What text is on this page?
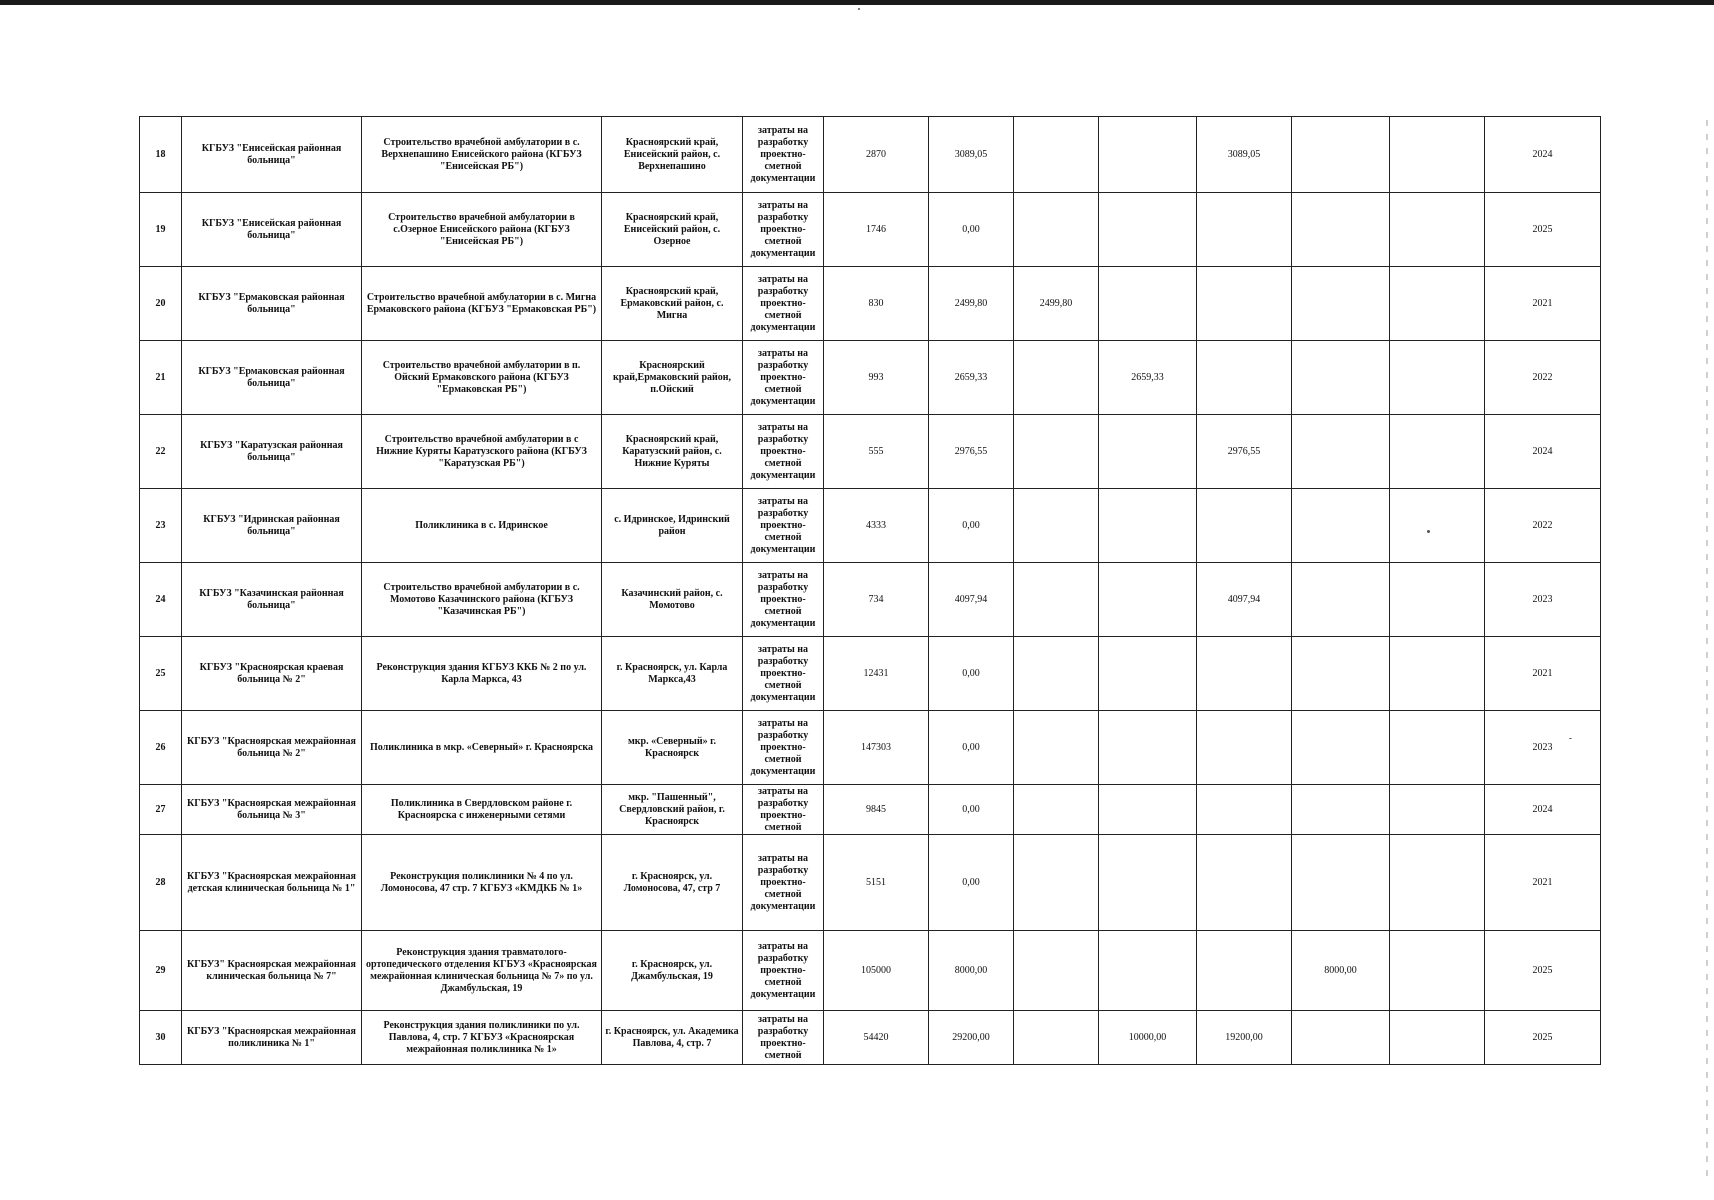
18	КГБУЗ "Енисейская районная больница"	Строительство врачебной амбулатории в с. Верхнепашино Енисейского района (КГБУЗ "Енисейская РБ")	Красноярский край, Енисейский район, с. Верхнепашино	затраты на разработку проектно-сметной документации	2870	3089,05			3089,05			2024
19	КГБУЗ "Енисейская районная больница"	Строительство врачебной амбулатории в с.Озерное Енисейского района (КГБУЗ "Енисейская РБ")	Красноярский край, Енисейский район, с. Озерное	затраты на разработку проектно-сметной документации	1746	0,00						2025
20	КГБУЗ "Ермаковская районная больница"	Строительство врачебной амбулатории в с. Мигна Ермаковского района (КГБУЗ "Ермаковская РБ")	Красноярский край, Ермаковский район, с. Мигна	затраты на разработку проектно-сметной документации	830	2499,80	2499,80					2021
21	КГБУЗ "Ермаковская районная больница"	Строительство врачебной амбулатории в п. Ойский Ермаковского района (КГБУЗ "Ермаковская РБ")	Красноярский край,Ермаковский район, п.Ойский	затраты на разработку проектно-сметной документации	993	2659,33		2659,33				2022
22	КГБУЗ "Каратузская районная больница"	Строительство врачебной амбулатории в с Нижние Куряты Каратузского района (КГБУЗ "Каратузская РБ")	Красноярский край, Каратузский район, с. Нижние Куряты	затраты на разработку проектно-сметной документации	555	2976,55			2976,55			2024
23	КГБУЗ "Идринская районная больница"	Поликлиника в с. Идринское	с. Идринское, Идринский район	затраты на разработку проектно-сметной документации	4333	0,00						2022
24	КГБУЗ "Казачинская районная больница"	Строительство врачебной амбулатории в с. Момотово Казачинского района (КГБУЗ "Казачинская РБ")	Казачинский район, с. Момотово	затраты на разработку проектно-сметной документации	734	4097,94			4097,94			2023
25	КГБУЗ "Красноярская краевая больница № 2"	Реконструкция здания КГБУЗ ККБ № 2 по ул. Карла Маркса, 43	г. Красноярск, ул. Карла Маркса,43	затраты на разработку проектно-сметной документации	12431	0,00						2021
26	КГБУЗ "Красноярская межрайонная больница № 2"	Поликлиника в мкр. «Северный» г. Красноярска	мкр. «Северный» г. Красноярск	затраты на разработку проектно-сметной документации	147303	0,00						2023
27	КГБУЗ "Красноярская межрайонная больница № 3"	Поликлиника в Свердловском районе г. Красноярска с инженерными сетями	мкр. "Пашенный", Свердловский район, г. Красноярск	затраты на разработку проектно-сметной	9845	0,00						2024
28	КГБУЗ "Красноярская межрайонная детская клиническая больница № 1"	Реконструкция поликлиники № 4 по ул. Ломоносова, 47 стр. 7 КГБУЗ «КМДКБ № 1»	г. Красноярск, ул. Ломоносова, 47, стр 7	затраты на разработку проектно-сметной документации	5151	0,00						2021
29	КГБУЗ" Красноярская межрайонная клиническая больница № 7"	Реконструкция здания травматолого-ортопедического отделения КГБУЗ «Красноярская межрайонная клиническая больница № 7» по ул. Джамбульская, 19	г. Красноярск, ул. Джамбульская, 19	затраты на разработку проектно-сметной документации	105000	8000,00				8000,00		2025
30	КГБУЗ "Красноярская межрайонная поликлиника № 1"	Реконструкция здания поликлиники по ул. Павлова, 4, стр. 7 КГБУЗ «Красноярская межрайонная поликлиника № 1»	г. Красноярск, ул. Академика Павлова, 4, стр. 7	затраты на разработку проектно-сметной	54420	29200,00		10000,00	19200,00			2025
